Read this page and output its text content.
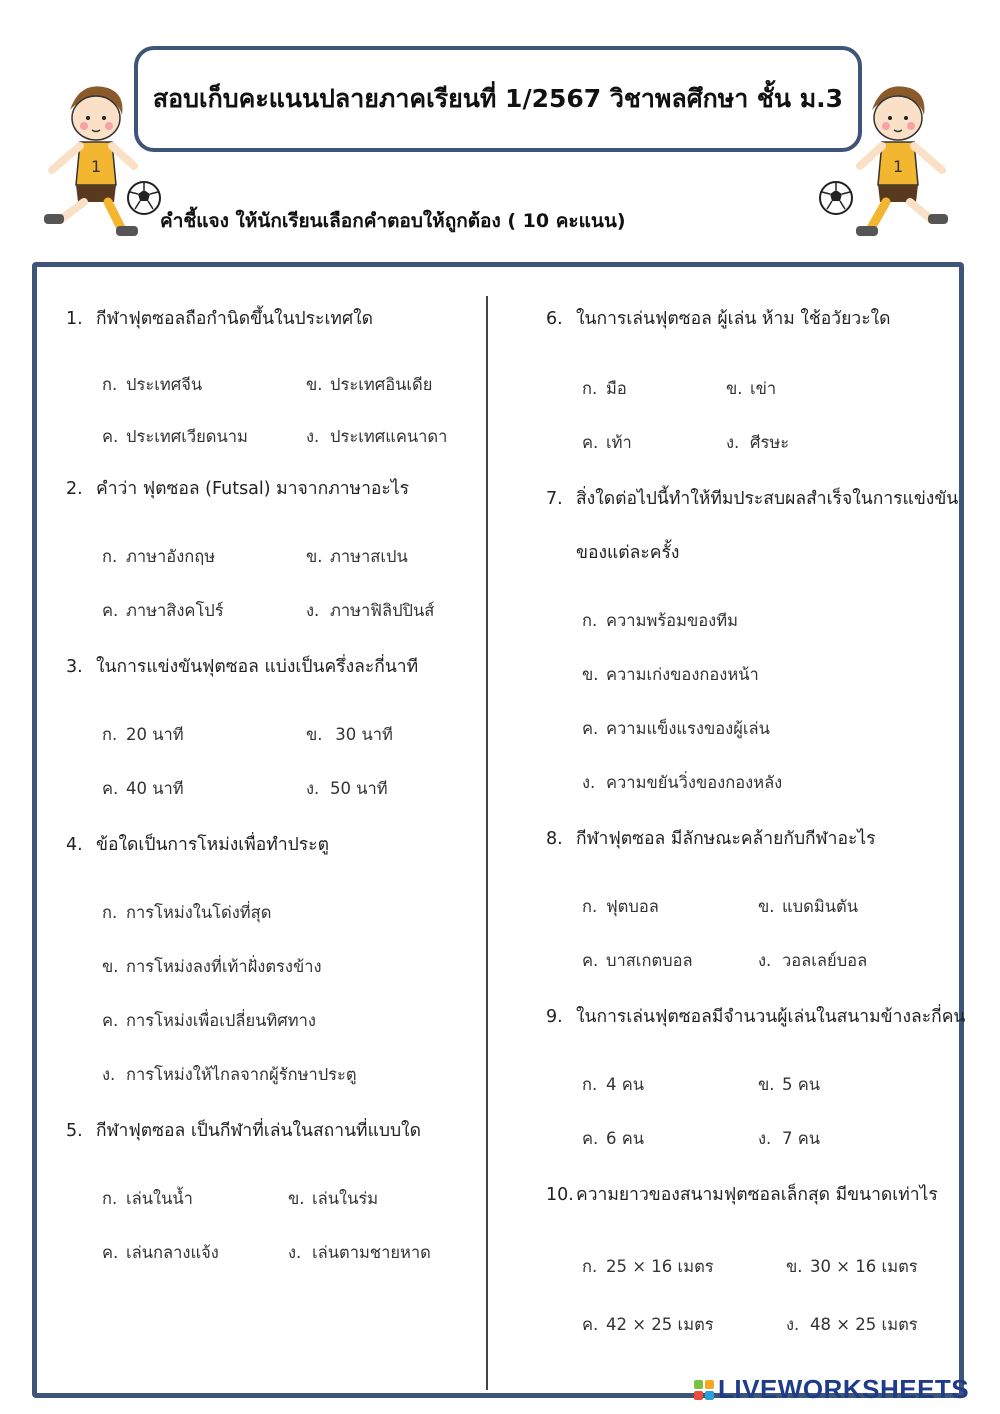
สอบเก็บคะแนนปลายภาคเรียนที่ 1/2567 วิชาพลศึกษา ชั้น ม.3
1	1
คำชี้แจง ให้นักเรียนเลือกคำตอบให้ถูกต้อง ( 10 คะแนน)
1. กีฬาฟุตซอลถือกำนิดขึ้นในประเทศใด
ก. ประเทศจีน	ข. ประเทศอินเดีย
ค. ประเทศเวียดนาม	ง. ประเทศแคนาดา
2. คำว่า ฟุตซอล (Futsal) มาจากภาษาอะไร
ก. ภาษาอังกฤษ	ข. ภาษาสเปน
ค. ภาษาสิงคโปร์	ง. ภาษาฟิลิปปินส์
3. ในการแข่งขันฟุตซอล แบ่งเป็นครึ่งละกี่นาที
ก. 20 นาที	ข. 30 นาที
ค. 40 นาที	ง. 50 นาที
4. ข้อใดเป็นการโหม่งเพื่อทำประตู
ก. การโหม่งในโด่งที่สุด
ข. การโหม่งลงที่เท้าฝั่งตรงข้าง
ค. การโหม่งเพื่อเปลี่ยนทิศทาง
ง. การโหม่งให้ไกลจากผู้รักษาประตู
5. กีฬาฟุตซอล เป็นกีฬาที่เล่นในสถานที่แบบใด
ก. เล่นในน้ำ	ข. เล่นในร่ม
ค. เล่นกลางแจ้ง	ง. เล่นตามชายหาด
6. ในการเล่นฟุตซอล ผู้เล่น ห้าม ใช้อวัยวะใด
ก. มือ	ข. เข่า
ค. เท้า	ง. ศีรษะ
7. สิ่งใดต่อไปนี้ทำให้ทีมประสบผลสำเร็จในการแข่งขัน
ของแต่ละครั้ง
ก. ความพร้อมของทีม
ข. ความเก่งของกองหน้า
ค. ความแข็งแรงของผู้เล่น
ง. ความขยันวิ่งของกองหลัง
8. กีฬาฟุตซอล มีลักษณะคล้ายกับกีฬาอะไร
ก. ฟุตบอล	ข. แบดมินตัน
ค. บาสเกตบอล	ง. วอลเลย์บอล
9. ในการเล่นฟุตซอลมีจำนวนผู้เล่นในสนามข้างละกี่คน
ก. 4 คน	ข. 5 คน
ค. 6 คน	ง. 7 คน
10. ความยาวของสนามฟุตซอลเล็กสุด มีขนาดเท่าไร
ก. 25 × 16 เมตร	ข. 30 × 16 เมตร
ค. 42 × 25 เมตร	ง. 48 × 25 เมตร
LIVEWORKSHEETS
